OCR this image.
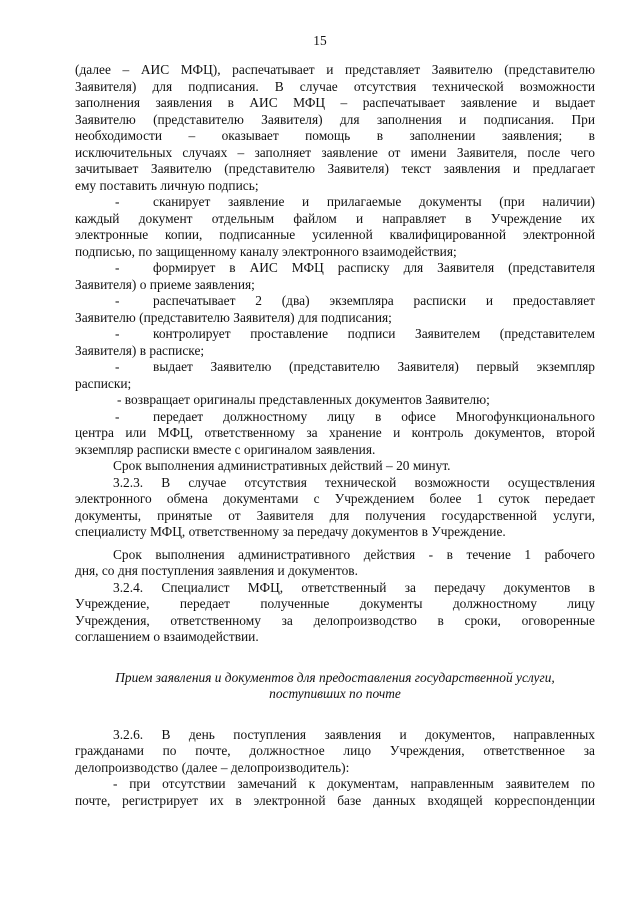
15

(далее – АИС МФЦ), распечатывает и представляет Заявителю (представителю

Заявителя) для подписания. В случае отсутствия технической возможности

заполнения заявления в АИС МФЦ – распечатывает заявление и выдает

Заявителю (представителю Заявителя) для заполнения и подписания. При

необходимости – оказывает помощь в заполнении заявления; в

исключительных случаях – заполняет заявление от имени Заявителя, после чего

зачитывает Заявителю (представителю Заявителя) текст заявления и предлагает

ему поставить личную подпись;

-	сканирует заявление и прилагаемые документы (при наличии)

каждый документ отдельным файлом и направляет в Учреждение их

электронные копии, подписанные усиленной квалифицированной электронной

подписью, по защищенному каналу электронного взаимодействия;

-	формирует в АИС МФЦ расписку для Заявителя (представителя

Заявителя) о приеме заявления;

-	распечатывает 2 (два) экземпляра расписки и предоставляет

Заявителю (представителю Заявителя) для подписания;

-	контролирует проставление подписи Заявителем (представителем

Заявителя) в расписке;

-	выдает Заявителю (представителю Заявителя) первый экземпляр

расписки;

- возвращает оригиналы представленных документов Заявителю;

-	передает должностному лицу в офисе Многофункционального

центра или МФЦ, ответственному за хранение и контроль документов, второй

экземпляр расписки вместе с оригиналом заявления.

Срок выполнения административных действий – 20 минут.

3.2.3. В случае отсутствия технической возможности осуществления

электронного обмена документами с Учреждением более 1 суток передает

документы, принятые от Заявителя для получения государственной услуги,

специалисту МФЦ, ответственному за передачу документов в Учреждение.

Срок выполнения административного действия - в течение 1 рабочего

дня, со дня поступления заявления и документов.

3.2.4. Специалист МФЦ, ответственный за передачу документов в

Учреждение, передает полученные документы должностному лицу

Учреждения, ответственному за делопроизводство в сроки, оговоренные

соглашением о взаимодействии.

Прием заявления и документов для предоставления государственной услуги,

поступивших по почте

3.2.6. В день поступления заявления и документов, направленных

гражданами по почте, должностное лицо Учреждения, ответственное за

делопроизводство (далее – делопроизводитель):

- при отсутствии замечаний к документам, направленным заявителем по

почте, регистрирует их в электронной базе данных входящей корреспонденции
